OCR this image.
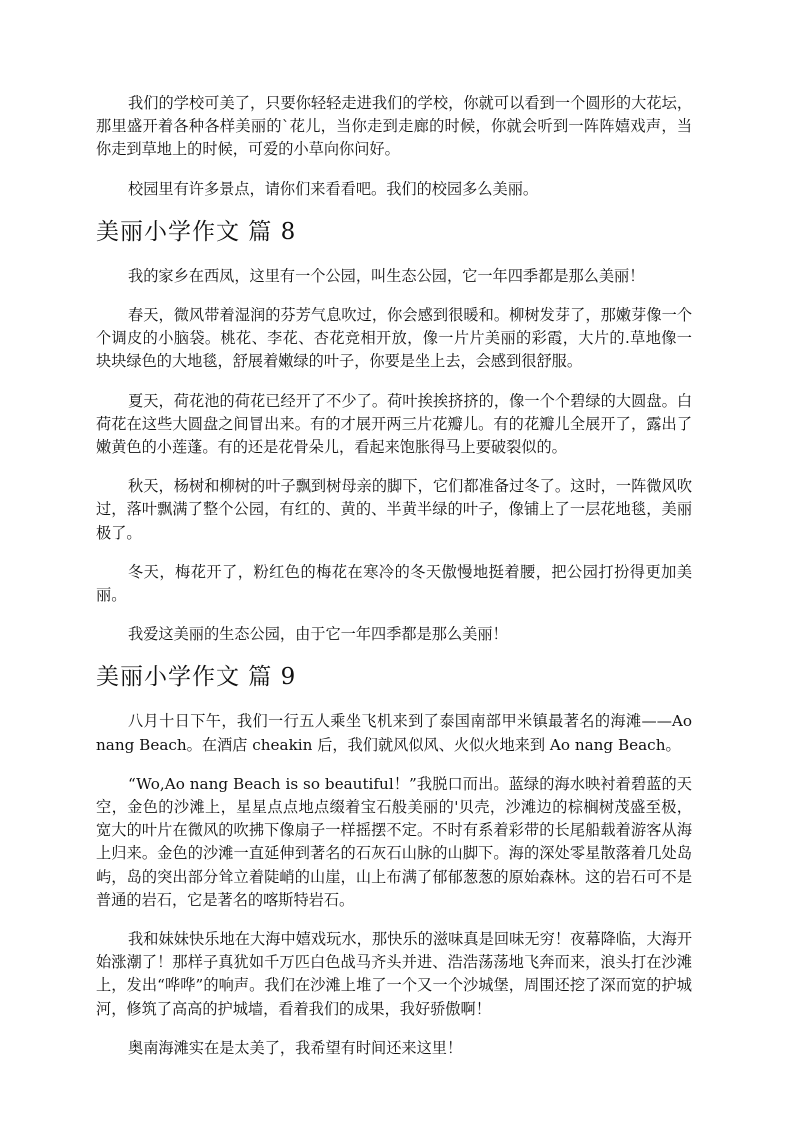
我们的学校可美了，只要你轻轻走进我们的学校，你就可以看到一个圆形的大花坛，那里盛开着各种各样美丽的`花儿，当你走到走廊的时候，你就会听到一阵阵嬉戏声，当你走到草地上的时候，可爱的小草向你问好。

校园里有许多景点，请你们来看看吧。我们的校园多么美丽。

美丽小学作文 篇 8

我的家乡在西凤，这里有一个公园，叫生态公园，它一年四季都是那么美丽！

春天，微风带着湿润的芬芳气息吹过，你会感到很暖和。柳树发芽了，那嫩芽像一个个调皮的小脑袋。桃花、李花、杏花竞相开放，像一片片美丽的彩霞，大片的.草地像一块块绿色的大地毯，舒展着嫩绿的叶子，你要是坐上去，会感到很舒服。

夏天，荷花池的荷花已经开了不少了。荷叶挨挨挤挤的，像一个个碧绿的大圆盘。白荷花在这些大圆盘之间冒出来。有的才展开两三片花瓣儿。有的花瓣儿全展开了，露出了嫩黄色的小莲蓬。有的还是花骨朵儿，看起来饱胀得马上要破裂似的。

秋天，杨树和柳树的叶子飘到树母亲的脚下，它们都准备过冬了。这时，一阵微风吹过，落叶飘满了整个公园，有红的、黄的、半黄半绿的叶子，像铺上了一层花地毯，美丽极了。

冬天，梅花开了，粉红色的梅花在寒冷的冬天傲慢地挺着腰，把公园打扮得更加美丽。

我爱这美丽的生态公园，由于它一年四季都是那么美丽！

美丽小学作文 篇 9

八月十日下午，我们一行五人乘坐飞机来到了泰国南部甲米镇最著名的海滩——Ao nang Beach。在酒店 cheakin 后，我们就风似风、火似火地来到 Ao nang Beach。

“Wo,Ao nang Beach is so beautiful！”我脱口而出。蓝绿的海水映衬着碧蓝的天空，金色的沙滩上，星星点点地点缀着宝石般美丽的'贝壳，沙滩边的棕榈树茂盛至极，宽大的叶片在微风的吹拂下像扇子一样摇摆不定。不时有系着彩带的长尾船载着游客从海上归来。金色的沙滩一直延伸到著名的石灰石山脉的山脚下。海的深处零星散落着几处岛屿，岛的突出部分耸立着陡峭的山崖，山上布满了郁郁葱葱的原始森林。这的岩石可不是普通的岩石，它是著名的喀斯特岩石。

我和妹妹快乐地在大海中嬉戏玩水，那快乐的滋味真是回味无穷！夜幕降临，大海开始涨潮了！那样子真犹如千万匹白色战马齐头并进、浩浩荡荡地飞奔而来，浪头打在沙滩上，发出“哗哗”的响声。我们在沙滩上堆了一个又一个沙城堡，周围还挖了深而宽的护城河，修筑了高高的护城墙，看着我们的成果，我好骄傲啊！

奥南海滩实在是太美了，我希望有时间还来这里！
